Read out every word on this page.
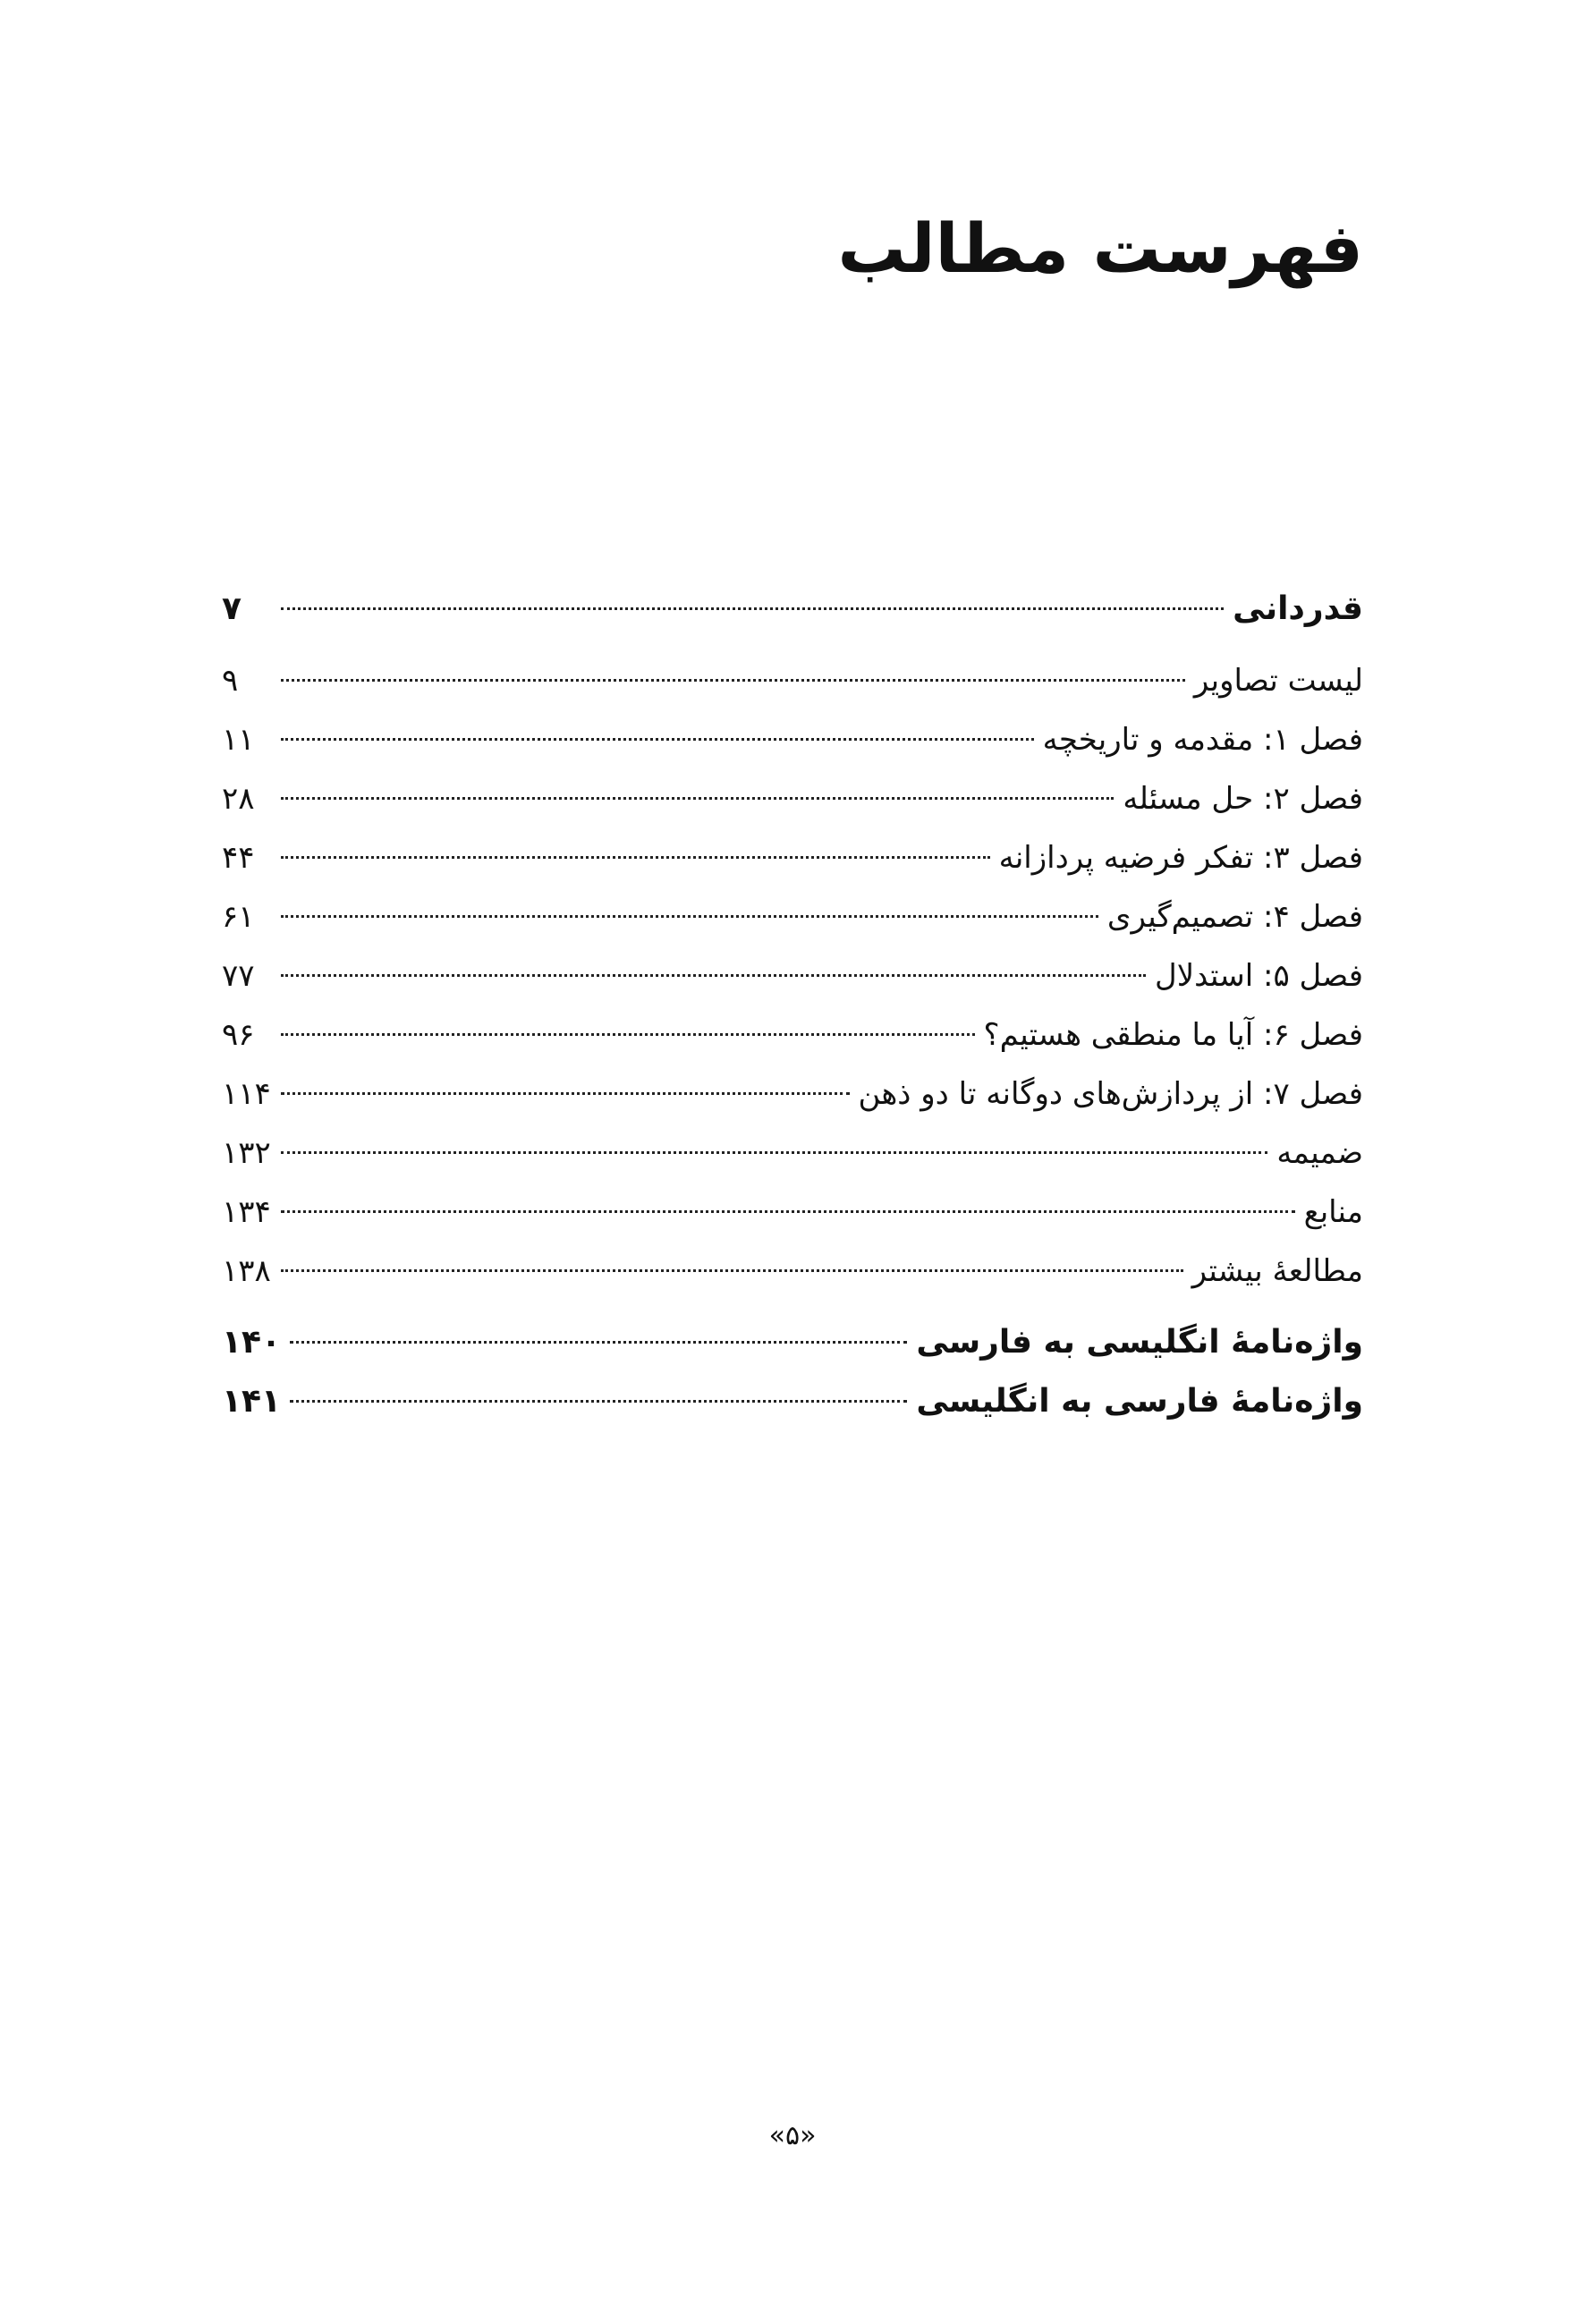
فهرست مطالب
قدردانی
۷
لیست تصاویر
۹
فصل ۱: مقدمه و تاریخچه
۱۱
فصل ۲: حل مسئله
۲۸
فصل ۳: تفکر فرضیه پردازانه
۴۴
فصل ۴: تصمیم‌گیری
۶۱
فصل ۵: استدلال
۷۷
فصل ۶: آیا ما منطقی هستیم؟
۹۶
فصل ۷: از پردازش‌های دوگانه تا دو ذهن
۱۱۴
ضمیمه
۱۳۲
منابع
۱۳۴
مطالعهٔ بیشتر
۱۳۸
واژه‌نامهٔ انگلیسی به فارسی
۱۴۰
واژه‌نامهٔ فارسی به انگلیسی
۱۴۱
«۵»
